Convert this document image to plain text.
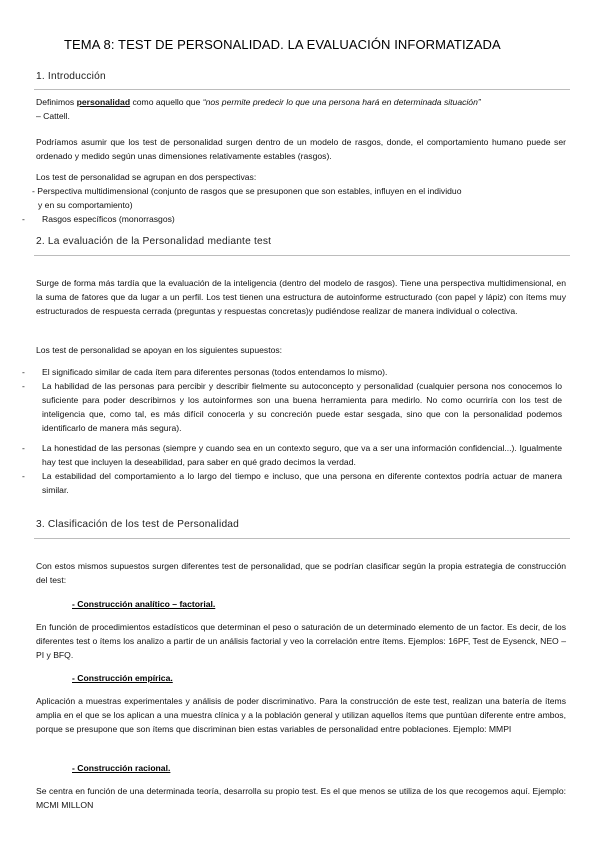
TEMA 8: TEST DE PERSONALIDAD. LA EVALUACIÓN INFORMATIZADA
1. Introducción
Definimos personalidad como aquello que “nos permite predecir lo que una persona hará en determinada situación”
– Cattell.
Podríamos asumir que los test de personalidad surgen dentro de un modelo de rasgos, donde, el comportamiento humano puede ser ordenado y medido según unas dimensiones relativamente estables (rasgos).
Los test de personalidad se agrupan en dos perspectivas:
- Perspectiva multidimensional (conjunto de rasgos que se presuponen que son estables, influyen en el individuo
y en su comportamiento)
- Rasgos específicos (monorrasgos)
2. La evaluación de la Personalidad mediante test
Surge de forma más tardía que la evaluación de la inteligencia (dentro del modelo de rasgos). Tiene una perspectiva multidimensional, en la suma de fatores que da lugar a un perfil. Los test tienen una estructura de autoinforme estructurado (con papel y lápiz) con ítems muy estructurados de respuesta cerrada (preguntas y respuestas concretas)y pudiéndose realizar de manera individual o colectiva.
Los test de personalidad se apoyan en los siguientes supuestos:
- El significado similar de cada ítem para diferentes personas (todos entendamos lo mismo).
- La habilidad de las personas para percibir y describir fielmente su autoconcepto y personalidad (cualquier persona nos conocemos lo suficiente para poder describirnos y los autoinformes son una buena herramienta para medirlo. No como ocurriría con los test de inteligencia que, como tal, es más difícil conocerla y su concreción puede estar sesgada, sino que con la personalidad podemos identificarlo de manera más segura).
- La honestidad de las personas (siempre y cuando sea en un contexto seguro, que va a ser una información confidencial...). Igualmente hay test que incluyen la deseabilidad, para saber en qué grado decimos la verdad.
- La estabilidad del comportamiento a lo largo del tiempo e incluso, que una persona en diferente contextos podría actuar de manera similar.
3. Clasificación de los test de Personalidad
Con estos mismos supuestos surgen diferentes test de personalidad, que se podrían clasificar según la propia estrategia de construcción del test:
- Construcción analítico – factorial.
En función de procedimientos estadísticos que determinan el peso o saturación de un determinado elemento de un factor. Es decir, de los diferentes test o ítems los analizo a partir de un análisis factorial y veo la correlación entre ítems. Ejemplos: 16PF, Test de Eysenck, NEO – PI y BFQ.
- Construcción empírica.
Aplicación a muestras experimentales y análisis de poder discriminativo. Para la construcción de este test, realizan una batería de ítems amplia en el que se los aplican a una muestra clínica y a la población general y utilizan aquellos ítems que puntúan diferente entre ambos, porque se presupone que son ítems que discriminan bien estas variables de personalidad entre poblaciones. Ejemplo: MMPI
- Construcción racional.
Se centra en función de una determinada teoría, desarrolla su propio test. Es el que menos se utiliza de los que recogemos aquí. Ejemplo: MCMI MILLON
